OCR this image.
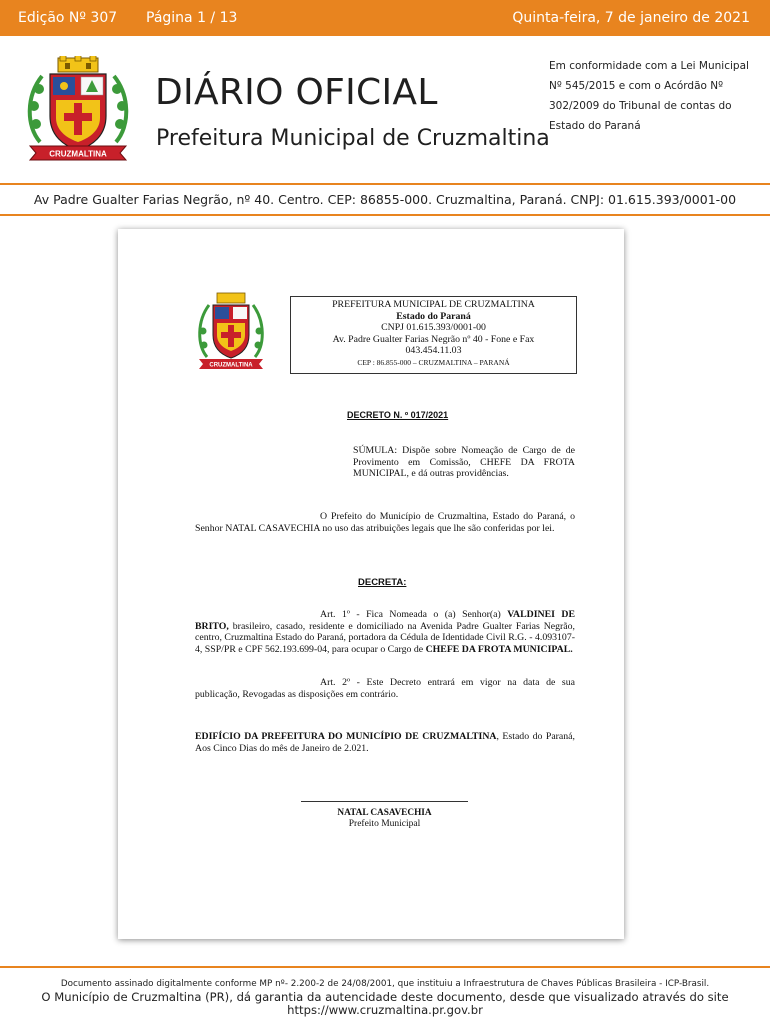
Edição Nº 307 Página 1 / 13	Quinta-feira, 7 de janeiro de 2021
CRUZMALTINA
DIÁRIO OFICIAL
Prefeitura Municipal de Cruzmaltina
Em conformidade com a Lei Municipal Nº 545/2015 e com o Acórdão Nº 302/2009 do Tribunal de contas do Estado do Paraná
Av Padre Gualter Farias Negrão, nº 40. Centro. CEP: 86855-000. Cruzmaltina, Paraná. CNPJ: 01.615.393/0001-00
CRUZMALTINA
PREFEITURA MUNICIPAL DE CRUZMALTINA
Estado do Paraná
CNPJ 01.615.393/0001-00
Av. Padre Gualter Farias Negrão nº 40 - Fone e Fax
043.454.11.03
CEP : 86.855-000 – CRUZMALTINA – PARANÁ
DECRETO N. º 017/2021
SÚMULA: Dispõe sobre Nomeação de Cargo de de Provimento em Comissão, CHEFE DA FROTA MUNICIPAL, e dá outras providências.
O Prefeito do Município de Cruzmaltina, Estado do Paraná, o Senhor NATAL CASAVECHIA no uso das atribuições legais que lhe são conferidas por lei.
DECRETA:
Art. 1º - Fica Nomeada o (a) Senhor(a) VALDINEI DE BRITO, brasileiro, casado, residente e domiciliado na Avenida Padre Gualter Farias Negrão, centro, Cruzmaltina Estado do Paraná, portadora da Cédula de Identidade Civil R.G. - 4.093107-4, SSP/PR e CPF 562.193.699-04, para ocupar o Cargo de CHEFE DA FROTA MUNICIPAL.
Art. 2º - Este Decreto entrará em vigor na data de sua publicação, Revogadas as disposições em contrário.
EDIFÍCIO DA PREFEITURA DO MUNICÍPIO DE CRUZMALTINA, Estado do Paraná, Aos Cinco Dias do mês de Janeiro de 2.021.
NATAL CASAVECHIA
Prefeito Municipal
Documento assinado digitalmente conforme MP nº- 2.200-2 de 24/08/2001, que instituiu a Infraestrutura de Chaves Públicas Brasileira - ICP-Brasil.
O Município de Cruzmaltina (PR), dá garantia da autencidade deste documento, desde que visualizado através do site
https://www.cruzmaltina.pr.gov.br
